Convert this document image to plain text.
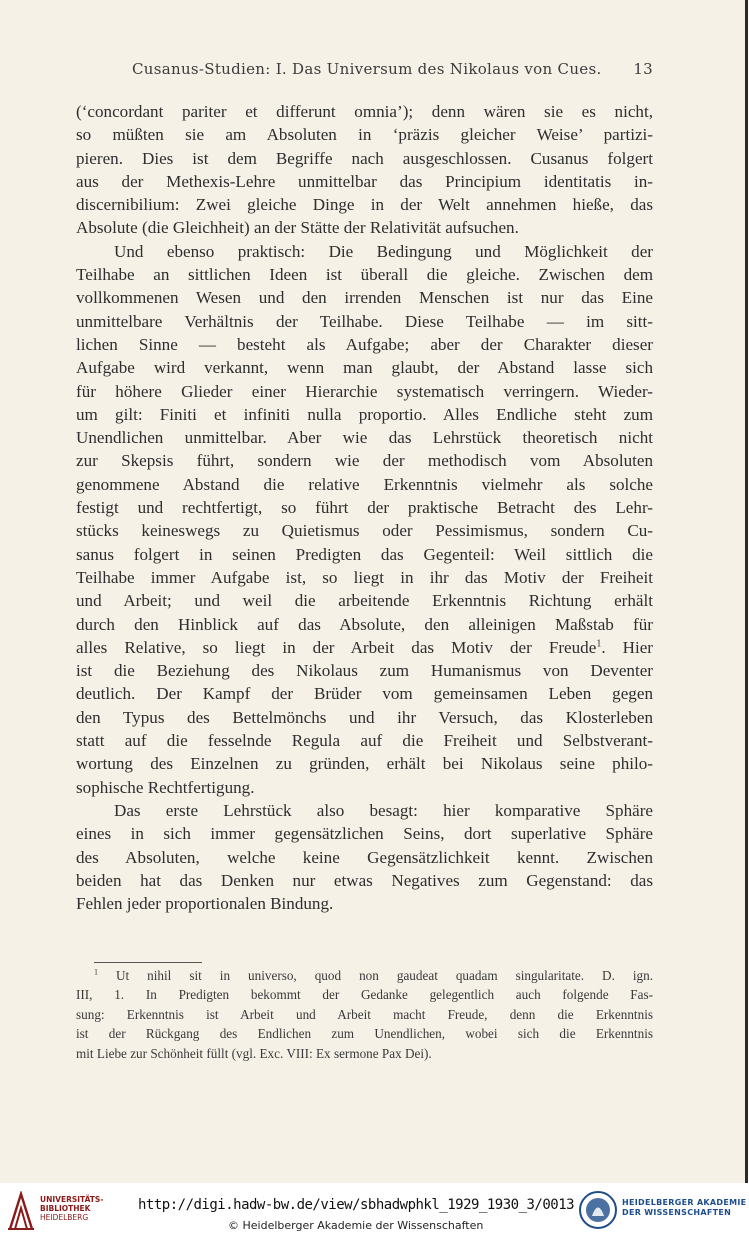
Cusanus-Studien: I. Das Universum des Nikolaus von Cues. 13
(‘concordant pariter et differunt omnia’); denn wären sie es nicht,
so müßten sie am Absoluten in ‘präzis gleicher Weise’ partizi-
pieren. Dies ist dem Begriffe nach ausgeschlossen. Cusanus folgert
aus der Methexis-Lehre unmittelbar das Principium identitatis in-
discernibilium: Zwei gleiche Dinge in der Welt annehmen hieße, das
Absolute (die Gleichheit) an der Stätte der Relativität aufsuchen.
Und ebenso praktisch: Die Bedingung und Möglichkeit der
Teilhabe an sittlichen Ideen ist überall die gleiche. Zwischen dem
vollkommenen Wesen und den irrenden Menschen ist nur das Eine
unmittelbare Verhältnis der Teilhabe. Diese Teilhabe — im sitt-
lichen Sinne — besteht als Aufgabe; aber der Charakter dieser
Aufgabe wird verkannt, wenn man glaubt, der Abstand lasse sich
für höhere Glieder einer Hierarchie systematisch verringern. Wieder-
um gilt: Finiti et infiniti nulla proportio. Alles Endliche steht zum
Unendlichen unmittelbar. Aber wie das Lehrstück theoretisch nicht
zur Skepsis führt, sondern wie der methodisch vom Absoluten
genommene Abstand die relative Erkenntnis vielmehr als solche
festigt und rechtfertigt, so führt der praktische Betracht des Lehr-
stücks keineswegs zu Quietismus oder Pessimismus, sondern Cu-
sanus folgert in seinen Predigten das Gegenteil: Weil sittlich die
Teilhabe immer Aufgabe ist, so liegt in ihr das Motiv der Freiheit
und Arbeit; und weil die arbeitende Erkenntnis Richtung erhält
durch den Hinblick auf das Absolute, den alleinigen Maßstab für
alles Relative, so liegt in der Arbeit das Motiv der Freude$^1$. Hier
ist die Beziehung des Nikolaus zum Humanismus von Deventer
deutlich. Der Kampf der Brüder vom gemeinsamen Leben gegen
den Typus des Bettelmönchs und ihr Versuch, das Klosterleben
statt auf die fesselnde Regula auf die Freiheit und Selbstverant-
wortung des Einzelnen zu gründen, erhält bei Nikolaus seine philo-
sophische Rechtfertigung.
Das erste Lehrstück also besagt: hier komparative Sphäre
eines in sich immer gegensätzlichen Seins, dort superlative Sphäre
des Absoluten, welche keine Gegensätzlichkeit kennt. Zwischen
beiden hat das Denken nur etwas Negatives zum Gegenstand: das
Fehlen jeder proportionalen Bindung.
$^1$ Ut nihil sit in universo, quod non gaudeat quadam singularitate. D. ign.
III, 1. In Predigten bekommt der Gedanke gelegentlich auch folgende Fas-
sung: Erkenntnis ist Arbeit und Arbeit macht Freude, denn die Erkenntnis
ist der Rückgang des Endlichen zum Unendlichen, wobei sich die Erkenntnis
mit Liebe zur Schönheit füllt (vgl. Exc. VIII: Ex sermone Pax Dei).
UNIVERSITÄTS-
BIBLIOTHEK
HEIDELBERG
http://digi.hadw-bw.de/view/sbhadwphkl_1929_1930_3/0013
© Heidelberger Akademie der Wissenschaften
HEIDELBERGER AKADEMIE
DER WISSENSCHAFTEN
